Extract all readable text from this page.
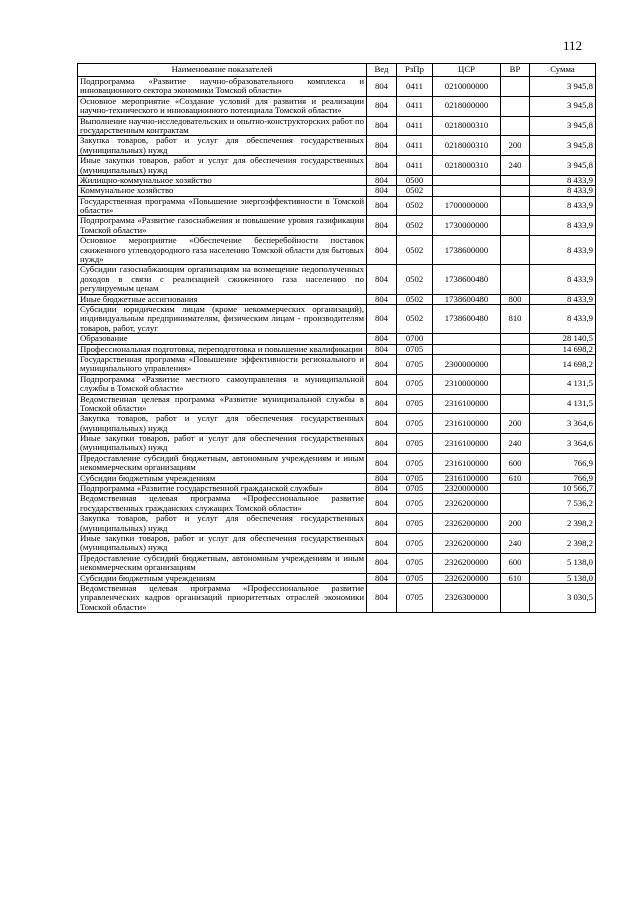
112
Наименование показателей	Вед	РзПр	ЦСР	ВР	Сумма
Подпрограмма «Развитие научно-образовательного комплекса и инновационного сектора экономики Томской области»	804	0411	0210000000		3 945,8
Основное мероприятие «Создание условий для развития и реализации научно-технического и инновационного потенциала Томской области»	804	0411	0218000000		3 945,8
Выполнение научно-исследовательских и опытно-конструкторских работ по государственным контрактам	804	0411	0218000310		3 945,8
Закупка товаров, работ и услуг для обеспечения государственных (муниципальных) нужд	804	0411	0218000310	200	3 945,8
Иные закупки товаров, работ и услуг для обеспечения государственных (муниципальных) нужд	804	0411	0218000310	240	3 945,8
Жилищно-коммунальное хозяйство	804	0500			8 433,9
Коммунальное хозяйство	804	0502			8 433,9
Государственная программа «Повышение энергоэффективности в Томской области»	804	0502	1700000000		8 433,9
Подпрограмма «Развитие газоснабжения и повышение уровня газификации Томской области»	804	0502	1730000000		8 433,9
Основное мероприятие «Обеспечение бесперебойности поставок сжиженного углеводородного газа населению Томской области для бытовых нужд»	804	0502	1738600000		8 433,9
Субсидии газоснабжающим организациям на возмещение недополученных доходов в связи с реализацией сжиженного газа населению по регулируемым ценам	804	0502	1738600480		8 433,9
Иные бюджетные ассигнования	804	0502	1738600480	800	8 433,9
Субсидии юридическим лицам (кроме некоммерческих организаций), индивидуальным предпринимателям, физическим лицам - производителям товаров, работ, услуг	804	0502	1738600480	810	8 433,9
Образование	804	0700			28 140,5
Профессиональная подготовка, переподготовка и повышение квалификации	804	0705			14 698,2
Государственная программа «Повышение эффективности регионального и муниципального управления»	804	0705	2300000000		14 698,2
Подпрограмма «Развитие местного самоуправления и муниципальной службы в Томской области»	804	0705	2310000000		4 131,5
Ведомственная целевая программа «Развитие муниципальной службы в Томской области»	804	0705	2316100000		4 131,5
Закупка товаров, работ и услуг для обеспечения государственных (муниципальных) нужд	804	0705	2316100000	200	3 364,6
Иные закупки товаров, работ и услуг для обеспечения государственных (муниципальных) нужд	804	0705	2316100000	240	3 364,6
Предоставление субсидий бюджетным, автономным учреждениям и иным некоммерческим организациям	804	0705	2316100000	600	766,9
Субсидии бюджетным учреждениям	804	0705	2316100000	610	766,9
Подпрограмма «Развитие государственной гражданской службы»	804	0705	2320000000		10 566,7
Ведомственная целевая программа «Профессиональное развитие государственных гражданских служащих Томской области»	804	0705	2326200000		7 536,2
Закупка товаров, работ и услуг для обеспечения государственных (муниципальных) нужд	804	0705	2326200000	200	2 398,2
Иные закупки товаров, работ и услуг для обеспечения государственных (муниципальных) нужд	804	0705	2326200000	240	2 398,2
Предоставление субсидий бюджетным, автономным учреждениям и иным некоммерческим организациям	804	0705	2326200000	600	5 138,0
Субсидии бюджетным учреждениям	804	0705	2326200000	610	5 138,0
Ведомственная целевая программа «Профессиональное развитие управленческих кадров организаций приоритетных отраслей экономики Томской области»	804	0705	2326300000		3 030,5
